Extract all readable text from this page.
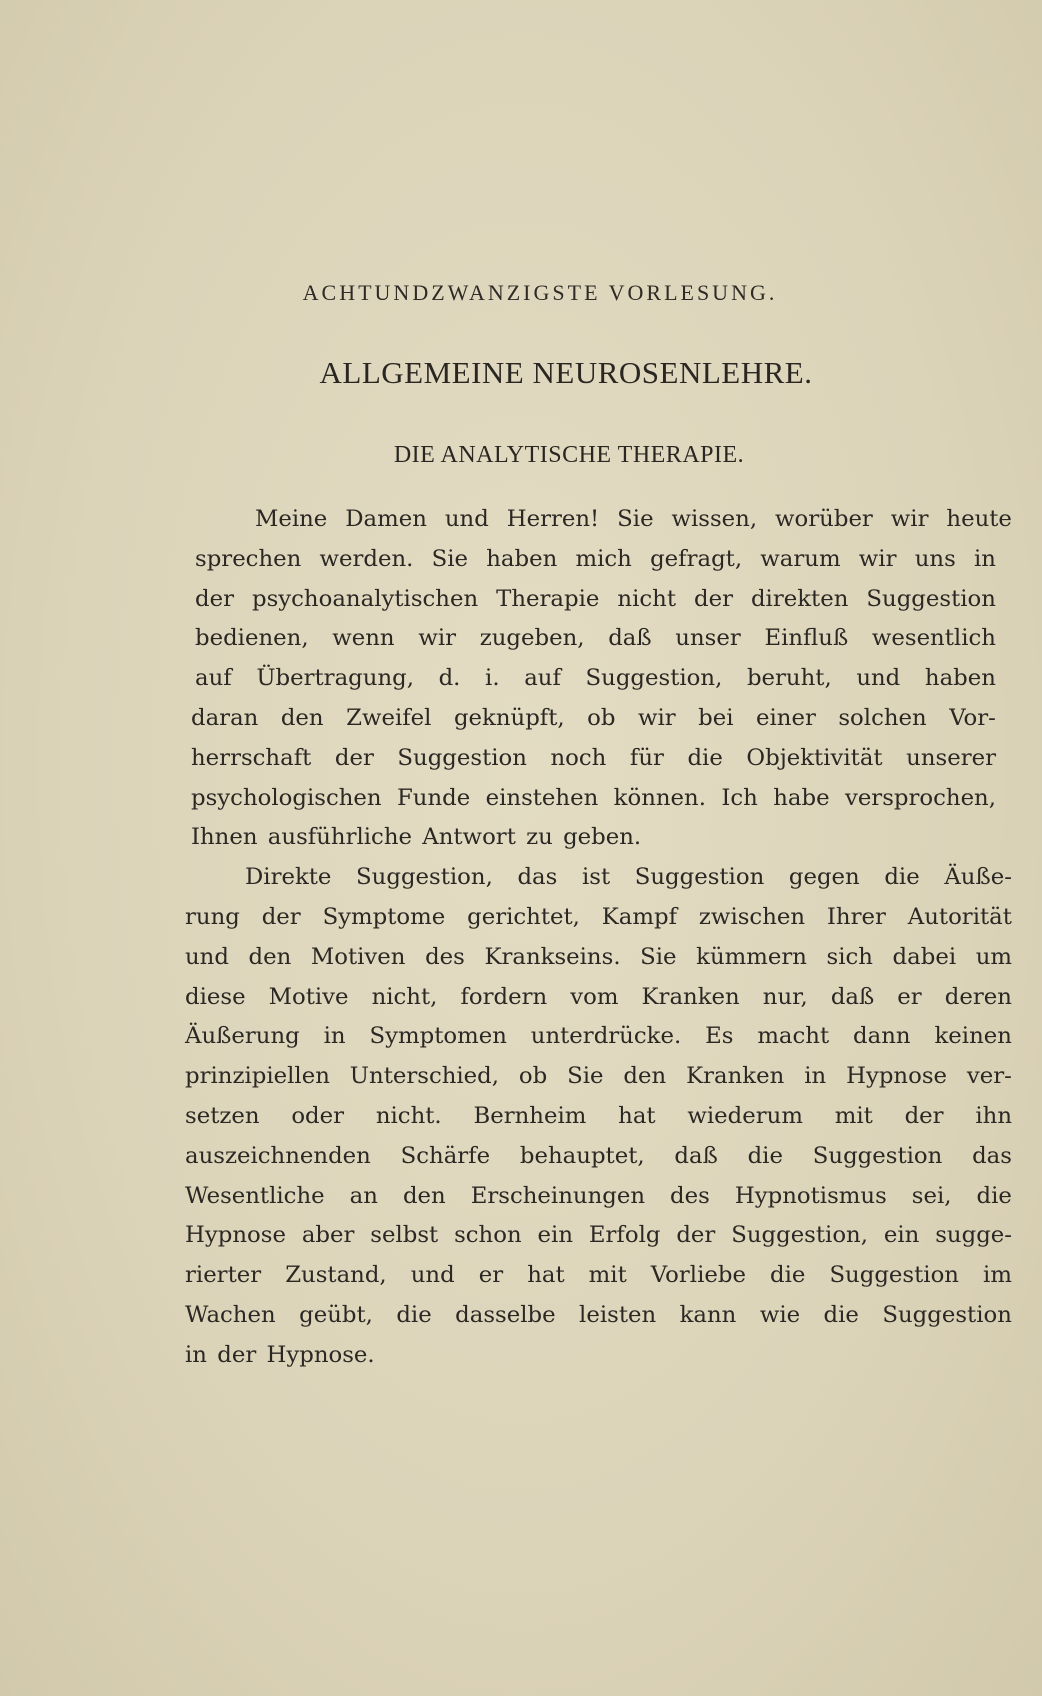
ACHTUNDZWANZIGSTE VORLESUNG.
ALLGEMEINE NEUROSENLEHRE.
DIE ANALYTISCHE THERAPIE.
Meine Damen und Herren! Sie wissen, worüber wir heute
sprechen werden. Sie haben mich gefragt, warum wir uns in
der psychoanalytischen Therapie nicht der direkten Suggestion
bedienen, wenn wir zugeben, daß unser Einfluß wesentlich
auf Übertragung, d. i. auf Suggestion, beruht, und haben
daran den Zweifel geknüpft, ob wir bei einer solchen Vor-
herrschaft der Suggestion noch für die Objektivität unserer
psychologischen Funde einstehen können. Ich habe versprochen,
Ihnen ausführliche Antwort zu geben.
Direkte Suggestion, das ist Suggestion gegen die Äuße-
rung der Symptome gerichtet, Kampf zwischen Ihrer Autorität
und den Motiven des Krankseins. Sie kümmern sich dabei um
diese Motive nicht, fordern vom Kranken nur, daß er deren
Äußerung in Symptomen unterdrücke. Es macht dann keinen
prinzipiellen Unterschied, ob Sie den Kranken in Hypnose ver-
setzen oder nicht. Bernheim hat wiederum mit der ihn
auszeichnenden Schärfe behauptet, daß die Suggestion das
Wesentliche an den Erscheinungen des Hypnotismus sei, die
Hypnose aber selbst schon ein Erfolg der Suggestion, ein sugge-
rierter Zustand, und er hat mit Vorliebe die Suggestion im
Wachen geübt, die dasselbe leisten kann wie die Suggestion
in der Hypnose.
